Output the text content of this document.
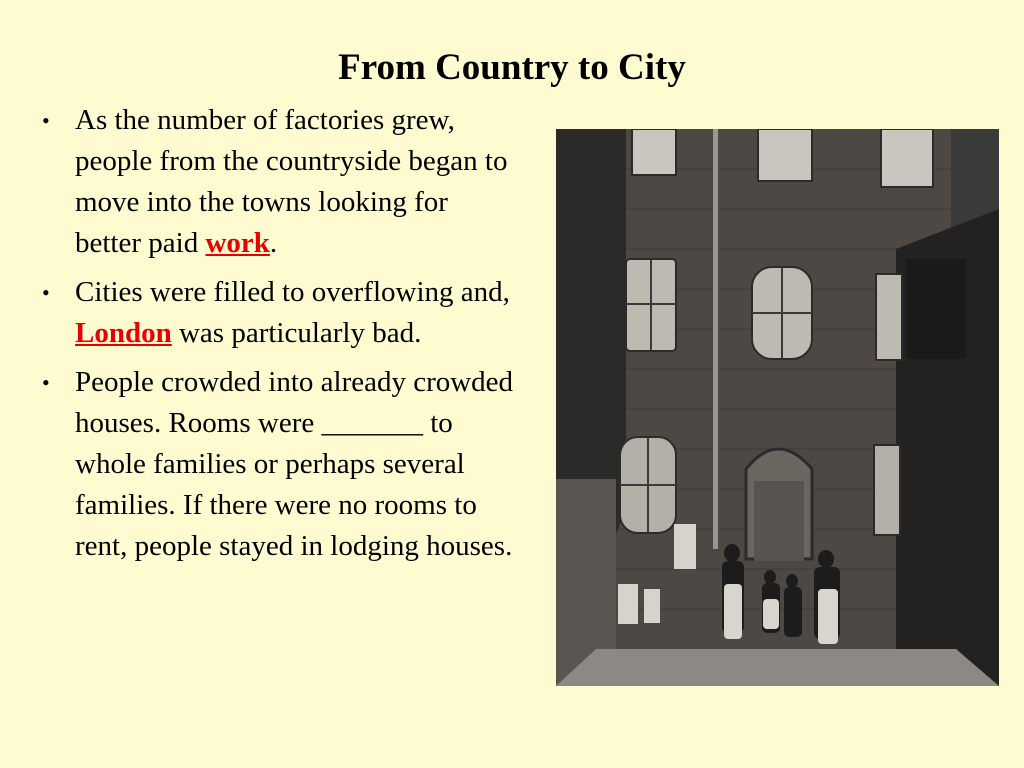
From Country to City
• As the number of factories grew, people from the countryside began to move into the towns looking for better paid work.
• Cities were filled to overflowing and, London was particularly bad.
• People crowded into already crowded houses. Rooms were _______ to whole families or perhaps several families. If there were no rooms to rent, people stayed in lodging houses.
